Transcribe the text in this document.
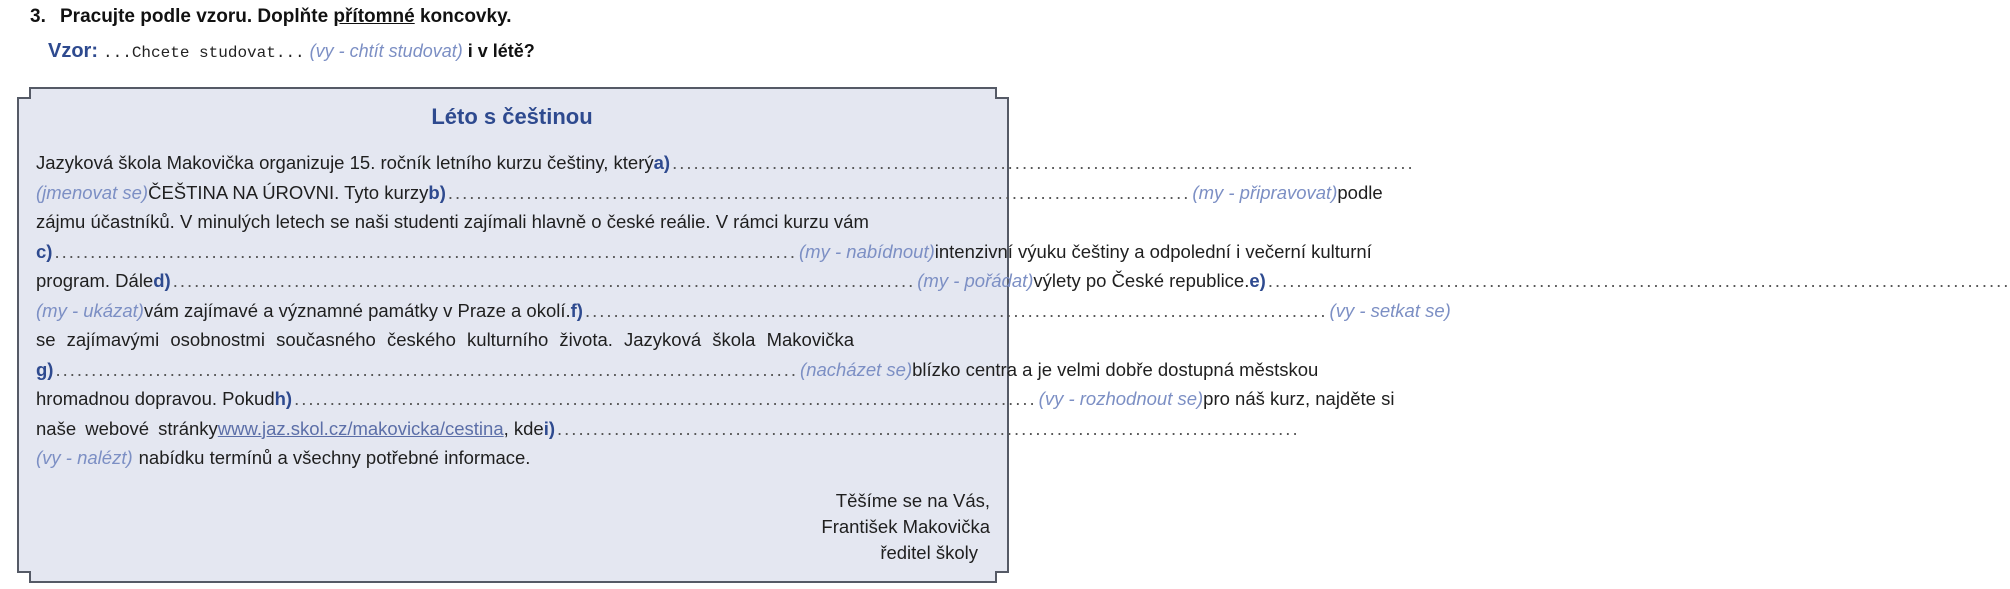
3. Pracujte podle vzoru. Doplňte přítomné koncovky.
Vzor: ...Chcete studovat... (vy - chtít studovat) i v létě?
Léto s češtinou
Jazyková škola Makovička organizuje 15. ročník letního kurzu češtiny, který a) ........................................................................................................
(jmenovat se) ČEŠTINA NA ÚROVNI. Tyto kurzy b) ........................................................................................................ (my - připravovat) podle
zájmu účastníků. V minulých letech se naši studenti zajímali hlavně o české reálie. V rámci kurzu vám
c) ........................................................................................................ (my - nabídnout) intenzivní výuku češtiny a odpolední i večerní kulturní
program. Dále d) ........................................................................................................ (my - pořádat) výlety po České republice. e) ........................................................................................................
(my - ukázat) vám zajímavé a významné památky v Praze a okolí. f) ........................................................................................................ (vy - setkat se)
se zajímavými osobnostmi současného českého kulturního života. Jazyková škola Makovička
g) ........................................................................................................ (nacházet se) blízko centra a je velmi dobře dostupná městskou
hromadnou dopravou. Pokud h) ........................................................................................................ (vy - rozhodnout se) pro náš kurz, najděte si
naše webové stránky www.jaz.skol.cz/makovicka/cestina , kde i) ........................................................................................................
(vy - nalézt) nabídku termínů a všechny potřebné informace.
Těšíme se na Vás,
František Makovička
ředitel školy
